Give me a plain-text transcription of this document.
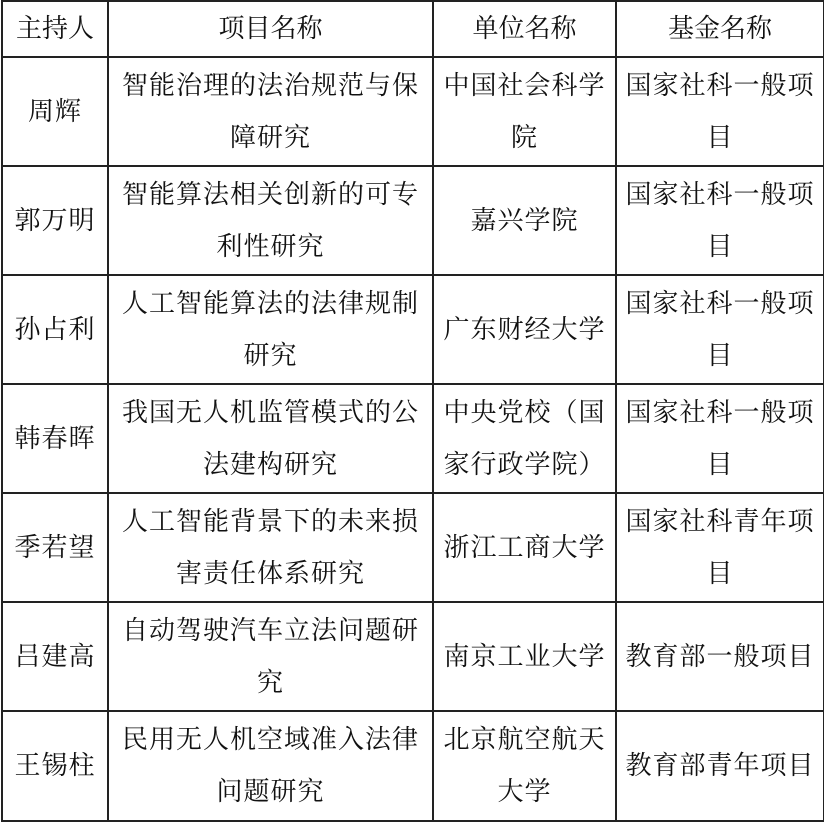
主持人	项目名称	单位名称	基金名称
周辉	智能治理的法治规范与保障研究	中国社会科学院	国家社科一般项目
郭万明	智能算法相关创新的可专利性研究	嘉兴学院	国家社科一般项目
孙占利	人工智能算法的法律规制研究	广东财经大学	国家社科一般项目
韩春晖	我国无人机监管模式的公法建构研究	中央党校（国家行政学院）	国家社科一般项目
季若望	人工智能背景下的未来损害责任体系研究	浙江工商大学	国家社科青年项目
吕建高	自动驾驶汽车立法问题研究	南京工业大学	教育部一般项目
王锡柱	民用无人机空域准入法律问题研究	北京航空航天大学	教育部青年项目
